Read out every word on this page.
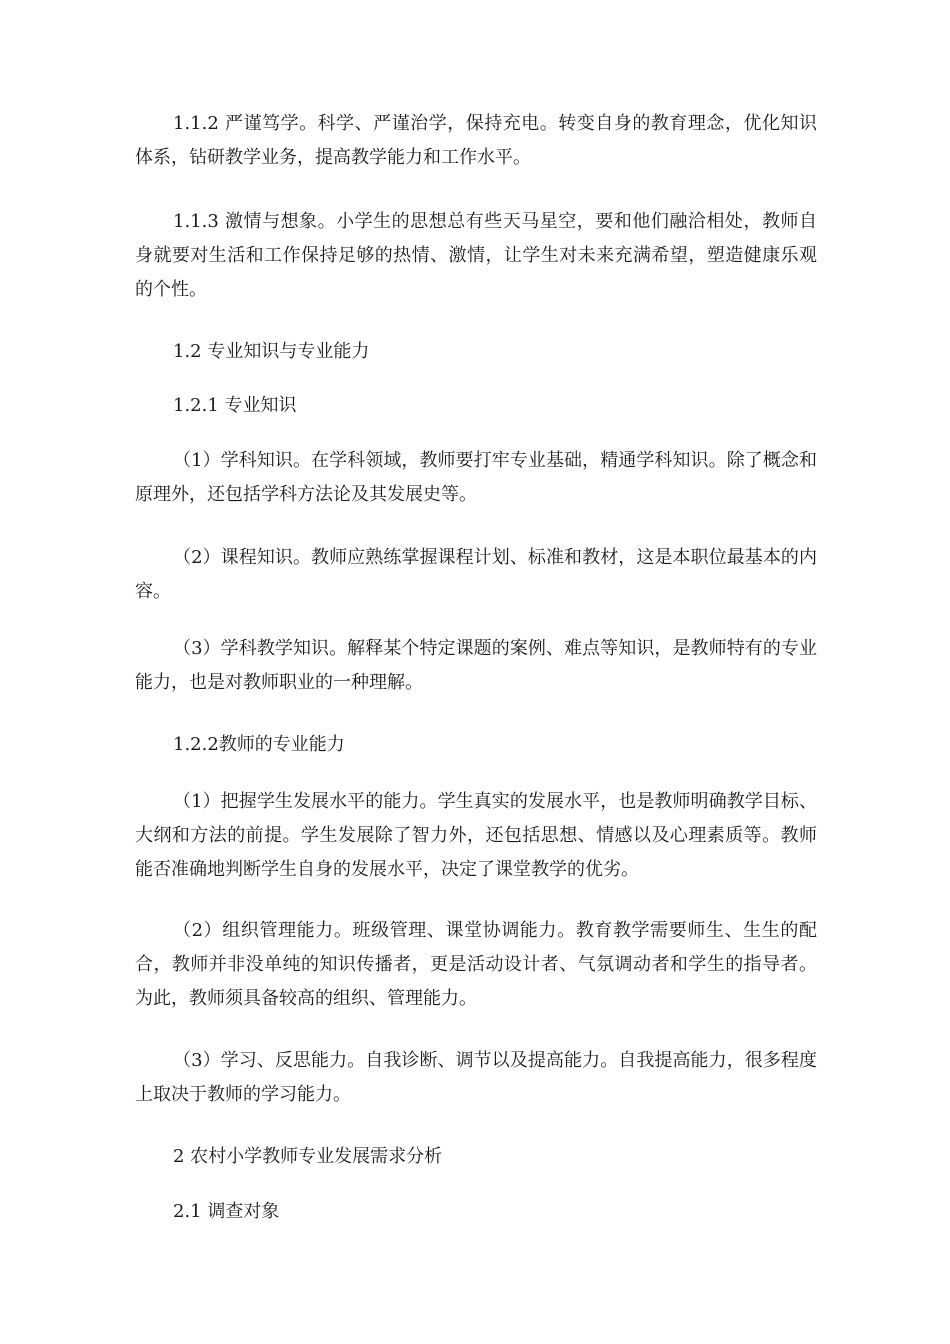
1.1.2 严谨笃学。科学、严谨治学，保持充电。转变自身的教育理念，优化知识体系，钻研教学业务，提高教学能力和工作水平。

1.1.3 激情与想象。小学生的思想总有些天马星空，要和他们融洽相处，教师自身就要对生活和工作保持足够的热情、激情，让学生对未来充满希望，塑造健康乐观的个性。

1.2 专业知识与专业能力

1.2.1 专业知识

（1）学科知识。在学科领域，教师要打牢专业基础，精通学科知识。除了概念和原理外，还包括学科方法论及其发展史等。

（2）课程知识。教师应熟练掌握课程计划、标准和教材，这是本职位最基本的内容。

（3）学科教学知识。解释某个特定课题的案例、难点等知识，是教师特有的专业能力，也是对教师职业的一种理解。

1.2.2教师的专业能力

（1）把握学生发展水平的能力。学生真实的发展水平，也是教师明确教学目标、大纲和方法的前提。学生发展除了智力外，还包括思想、情感以及心理素质等。教师能否准确地判断学生自身的发展水平，决定了课堂教学的优劣。

（2）组织管理能力。班级管理、课堂协调能力。教育教学需要师生、生生的配合，教师并非没单纯的知识传播者，更是活动设计者、气氛调动者和学生的指导者。为此，教师须具备较高的组织、管理能力。

（3）学习、反思能力。自我诊断、调节以及提高能力。自我提高能力，很多程度上取决于教师的学习能力。

2 农村小学教师专业发展需求分析

2.1 调查对象
